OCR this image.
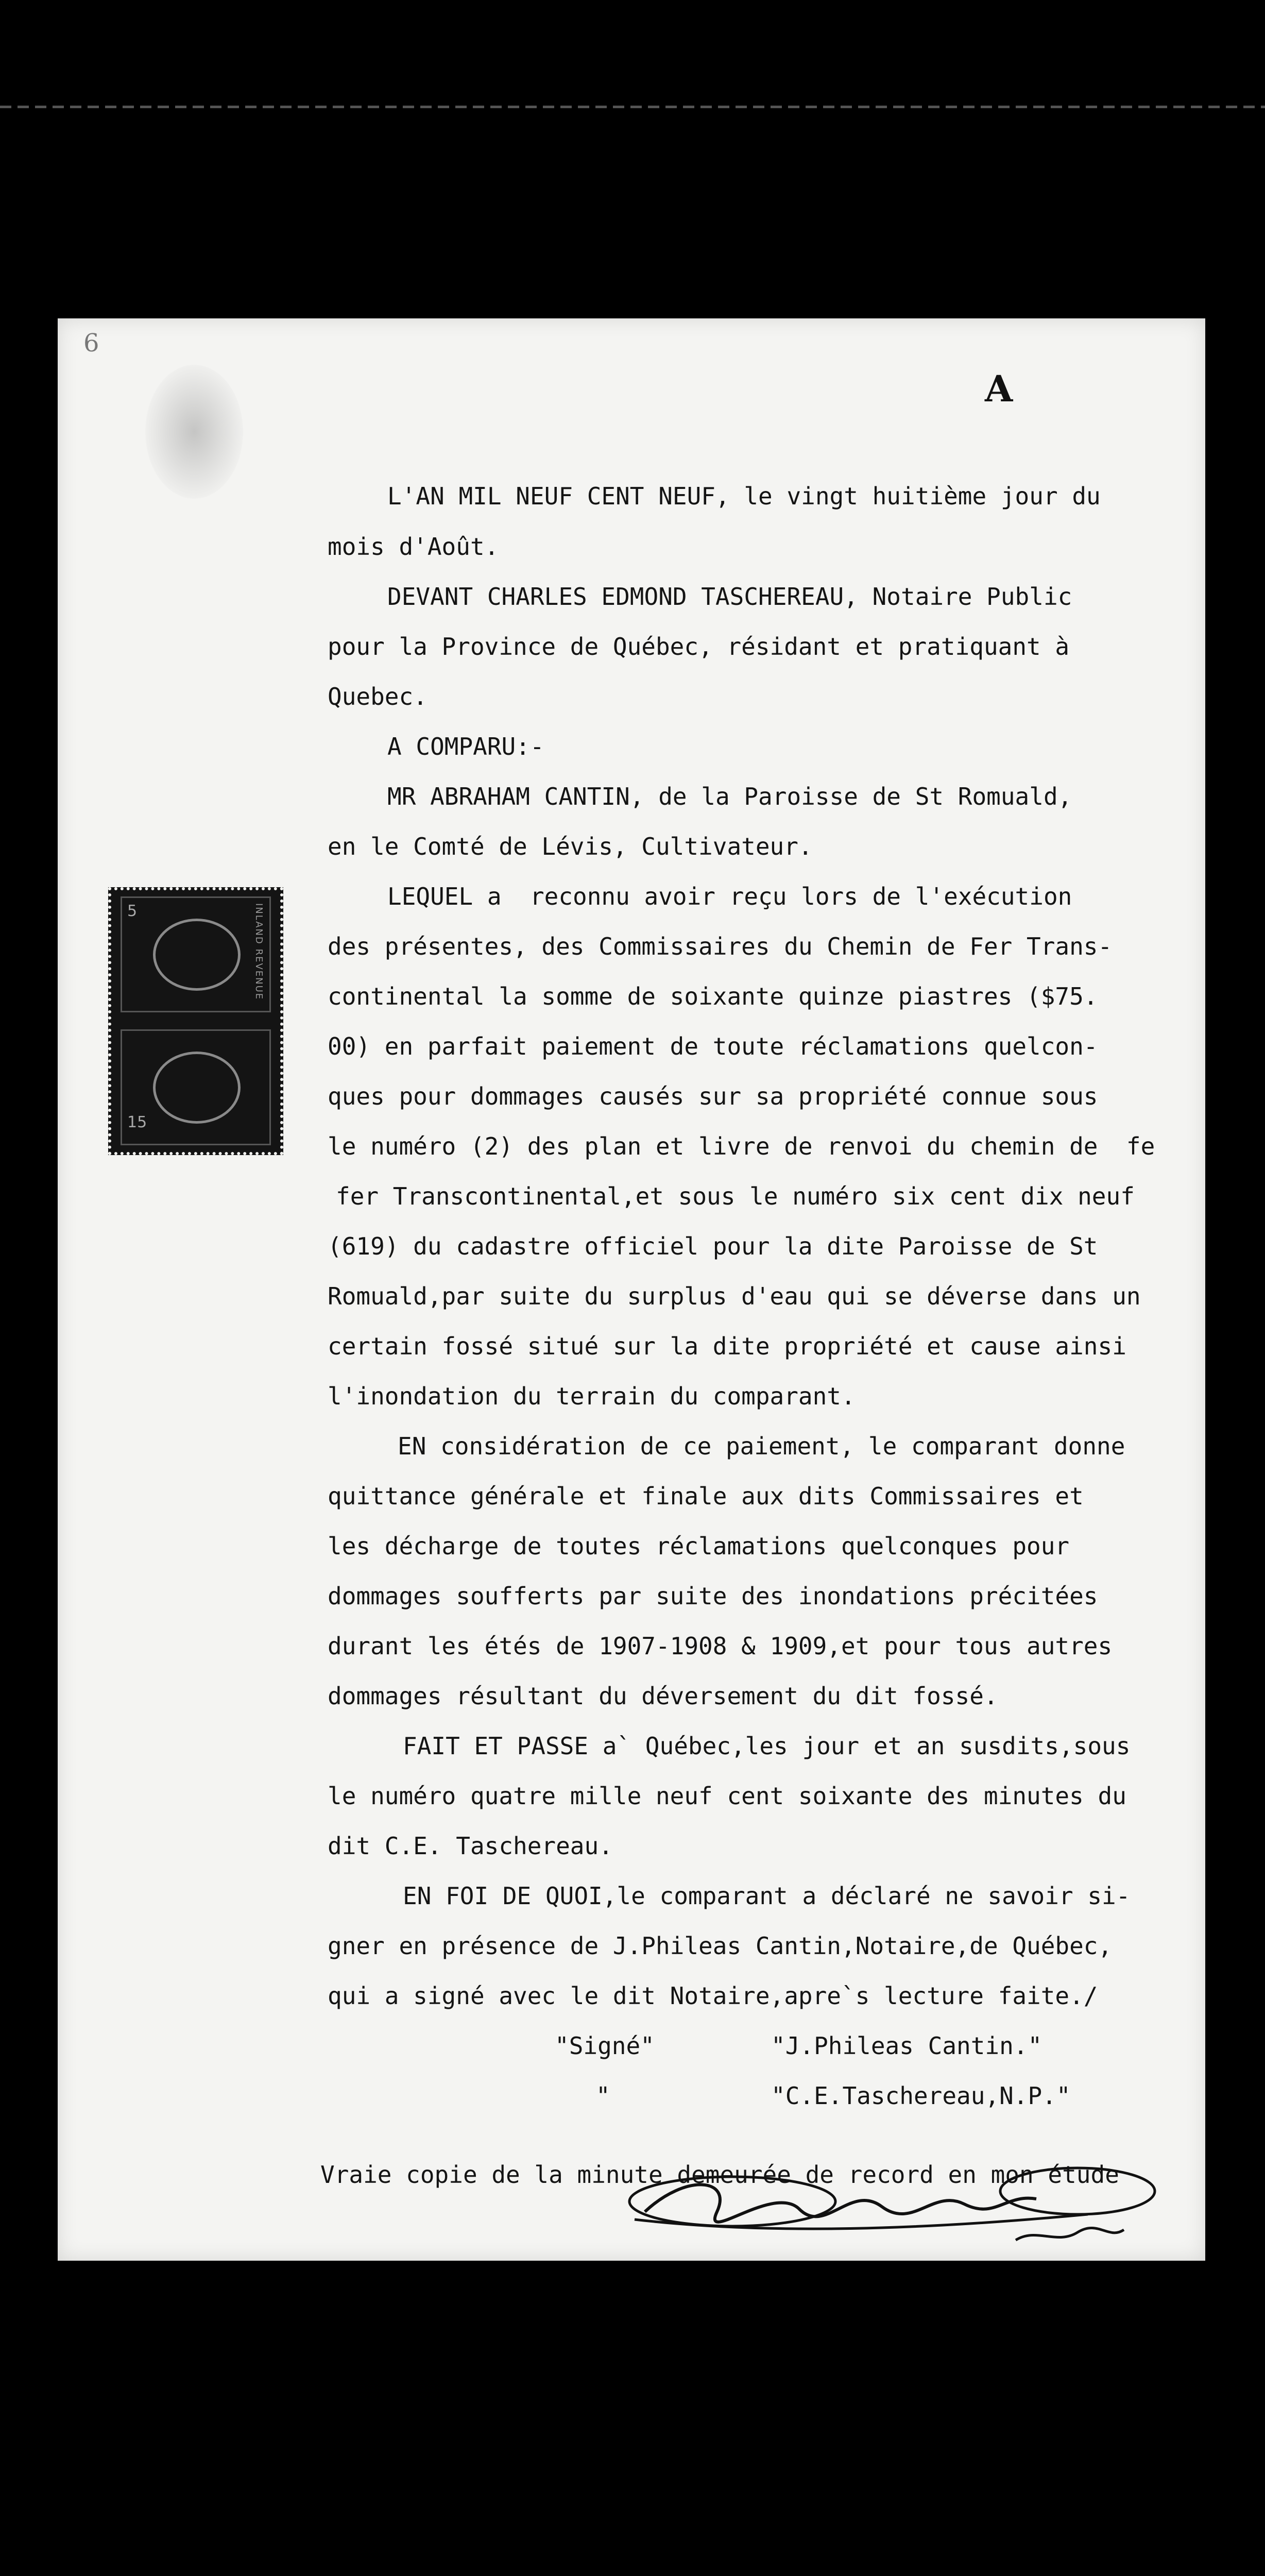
6
A
5	INLAND REVENUE
15
L'AN MIL NEUF CENT NEUF, le vingt huitième jour du
mois d'Août.
DEVANT CHARLES EDMOND TASCHEREAU, Notaire Public
pour la Province de Québec, résidant et pratiquant à
Quebec.
A COMPARU:-
MR ABRAHAM CANTIN, de la Paroisse de St Romuald,
en le Comté de Lévis, Cultivateur.
LEQUEL a  reconnu avoir reçu lors de l'exécution
des présentes, des Commissaires du Chemin de Fer Trans-
continental la somme de soixante quinze piastres ($75.
00) en parfait paiement de toute réclamations quelcon-
ques pour dommages causés sur sa propriété connue sous
le numéro (2) des plan et livre de renvoi du chemin de  fe
fer Transcontinental,et sous le numéro six cent dix neuf
(619) du cadastre officiel pour la dite Paroisse de St
Romuald,par suite du surplus d'eau qui se déverse dans un
certain fossé situé sur la dite propriété et cause ainsi
l'inondation du terrain du comparant.
EN considération de ce paiement, le comparant donne
quittance générale et finale aux dits Commissaires et
les décharge de toutes réclamations quelconques pour
dommages soufferts par suite des inondations précitées
durant les étés de 1907-1908 & 1909,et pour tous autres
dommages résultant du déversement du dit fossé.
FAIT ET PASSE a` Québec,les jour et an susdits,sous
le numéro quatre mille neuf cent soixante des minutes du
dit C.E. Taschereau.
EN FOI DE QUOI,le comparant a déclaré ne savoir si-
gner en présence de J.Phileas Cantin,Notaire,de Québec,
qui a signé avec le dit Notaire,apre`s lecture faite./
"Signé"	"J.Phileas Cantin."
"	"C.E.Taschereau,N.P."
Vraie copie de la minute demeurée de record en mon étude
